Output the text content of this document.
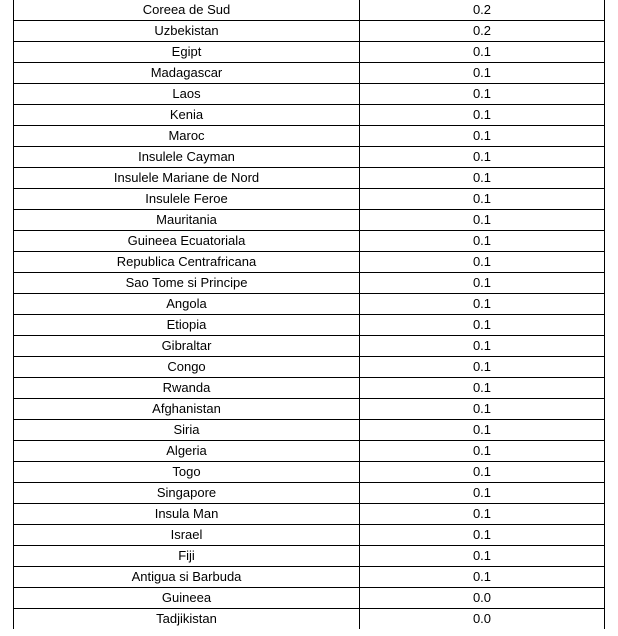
Coreea de Sud	0.2
Uzbekistan	0.2
Egipt	0.1
Madagascar	0.1
Laos	0.1
Kenia	0.1
Maroc	0.1
Insulele Cayman	0.1
Insulele Mariane de Nord	0.1
Insulele Feroe	0.1
Mauritania	0.1
Guineea Ecuatoriala	0.1
Republica Centrafricana	0.1
Sao Tome si Principe	0.1
Angola	0.1
Etiopia	0.1
Gibraltar	0.1
Congo	0.1
Rwanda	0.1
Afghanistan	0.1
Siria	0.1
Algeria	0.1
Togo	0.1
Singapore	0.1
Insula Man	0.1
Israel	0.1
Fiji	0.1
Antigua si Barbuda	0.1
Guineea	0.0
Tadjikistan	0.0
